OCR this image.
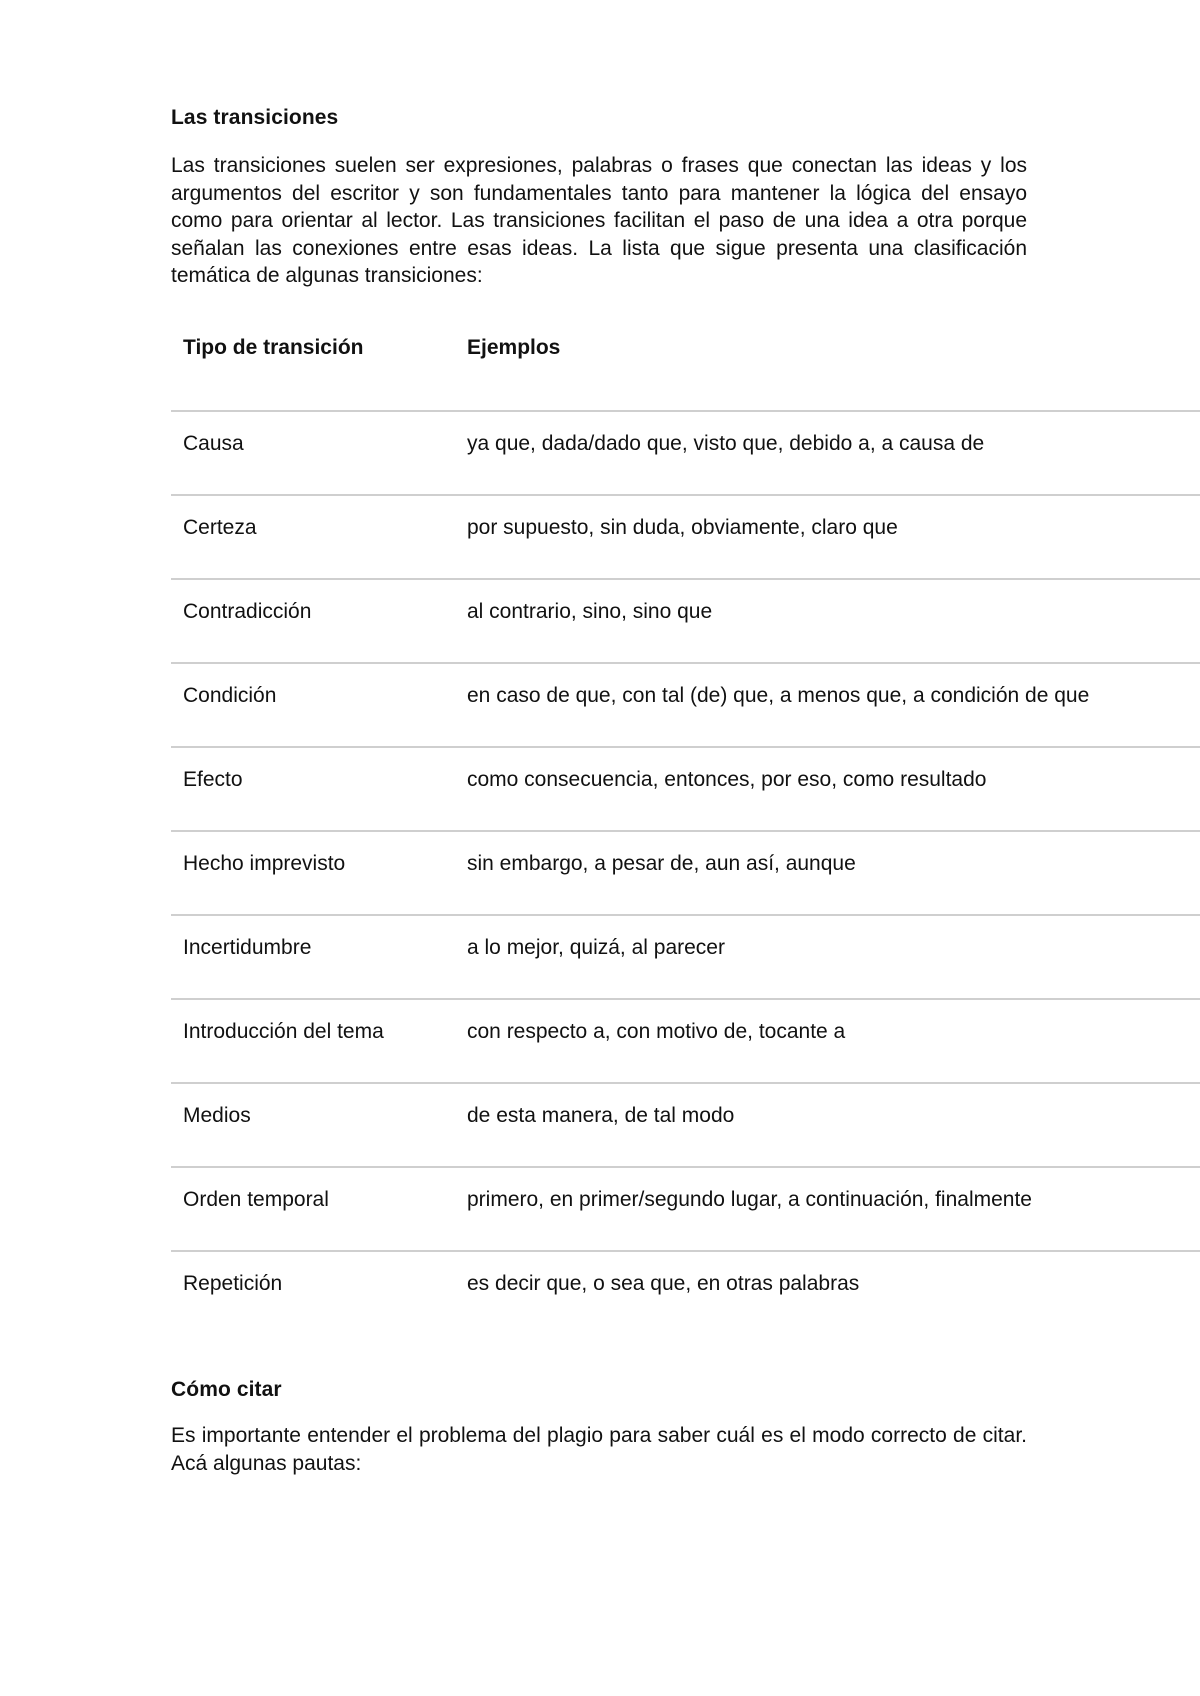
Las transiciones

Las transiciones suelen ser expresiones, palabras o frases que conectan las ideas y los argumentos del escritor y son fundamentales tanto para mantener la lógica del ensayo como para orientar al lector. Las transiciones facilitan el paso de una idea a otra porque señalan las conexiones entre esas ideas. La lista que sigue presenta una clasificación temática de algunas transiciones:

Tipo de transición	Ejemplos
Causa	ya que, dada/dado que, visto que, debido a, a causa de
Certeza	por supuesto, sin duda, obviamente, claro que
Contradicción	al contrario, sino, sino que
Condición	en caso de que, con tal (de) que, a menos que, a condición de que
Efecto	como consecuencia, entonces, por eso, como resultado
Hecho imprevisto	sin embargo, a pesar de, aun así, aunque
Incertidumbre	a lo mejor, quizá, al parecer
Introducción del tema	con respecto a, con motivo de, tocante a
Medios	de esta manera, de tal modo
Orden temporal	primero, en primer/segundo lugar, a continuación, finalmente
Repetición	es decir que, o sea que, en otras palabras
Cómo citar

Es importante entender el problema del plagio para saber cuál es el modo correcto de citar. Acá algunas pautas:
